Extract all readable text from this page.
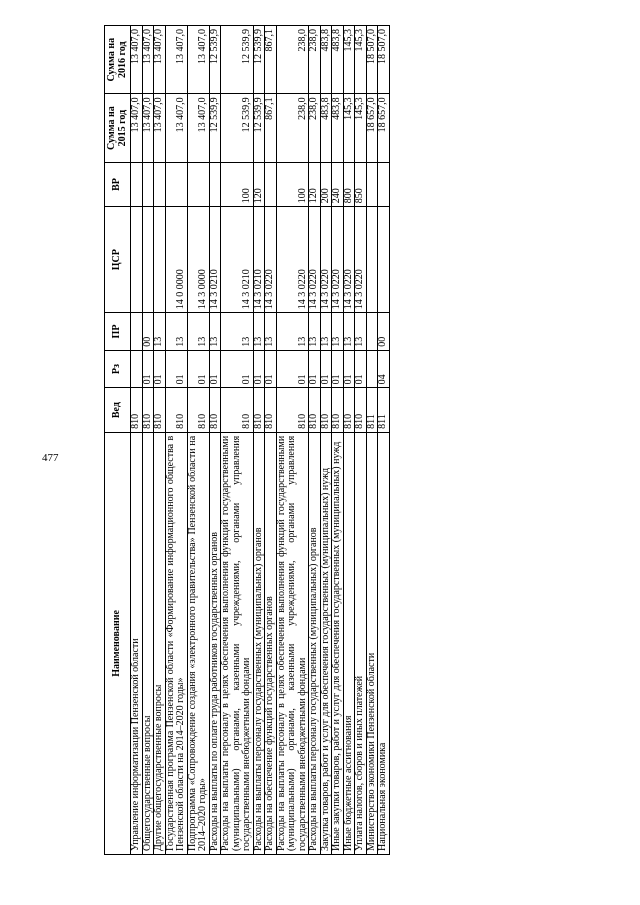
477
Наименование	Вед	Рз	ПР	ЦСР	ВР	Сумма на 2015 год	Сумма на 2016 год
Управление информатизации Пензенской области	810					13 407,0	13 407,0
Общегосударственные вопросы	810	01	00			13 407,0	13 407,0
Другие общегосударственные вопросы	810	01	13			13 407,0	13 407,0
Государственная программа Пензенской области «Формирование информационного общества в Пензенской области на 2014–2020 годы»	810	01	13	14 0 0000		13 407,0	13 407,0
Подпрограмма «Сопровождение создания «электронного правительства» Пензенской области на 2014–2020 годы»	810	01	13	14 3 0000		13 407,0	13 407,0
Расходы на выплаты по оплате труда работников государственных органов	810	01	13	14 3 0210		12 539,9	12 539,9
Расходы на выплаты персоналу в целях обеспечения выполнения функций государственными (муниципальными) органами, казенными учреждениями, органами управления государственными внебюджетными фондами	810	01	13	14 3 0210	100	12 539,9	12 539,9
Расходы на выплаты персоналу государственных (муниципальных) органов	810	01	13	14 3 0210	120	12 539,9	12 539,9
Расходы на обеспечение функций государственных органов	810	01	13	14 3 0220		867,1	867,1
Расходы на выплаты персоналу в целях обеспечения выполнения функций государственными (муниципальными) органами, казенными учреждениями, органами управления государственными внебюджетными фондами	810	01	13	14 3 0220	100	238,0	238,0
Расходы на выплаты персоналу государственных (муниципальных) органов	810	01	13	14 3 0220	120	238,0	238,0
Закупка товаров, работ и услуг для обеспечения государственных (муниципальных) нужд	810	01	13	14 3 0220	200	483,8	483,8
Иные закупки товаров, работ и услуг для обеспечения государственных (муниципальных) нужд	810	01	13	14 3 0220	240	483,8	483,8
Иные бюджетные ассигнования	810	01	13	14 3 0220	800	145,3	145,3
Уплата налогов, сборов и иных платежей	810	01	13	14 3 0220	850	145,3	145,3
Министерство экономики Пензенской области	811					18 657,0	18 507,0
Национальная экономика	811	04	00			18 657,0	18 507,0
